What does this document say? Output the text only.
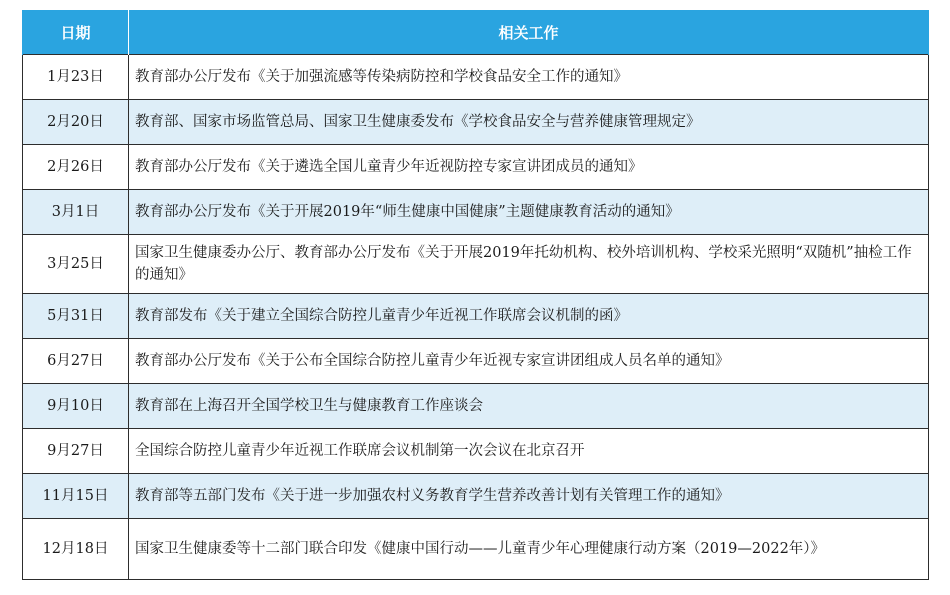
日期	相关工作
1月23日	教育部办公厅发布《关于加强流感等传染病防控和学校食品安全工作的通知》
2月20日	教育部、国家市场监管总局、国家卫生健康委发布《学校食品安全与营养健康管理规定》
2月26日	教育部办公厅发布《关于遴选全国儿童青少年近视防控专家宣讲团成员的通知》
3月1日	教育部办公厅发布《关于开展2019年“师生健康中国健康”主题健康教育活动的通知》
3月25日	国家卫生健康委办公厅、教育部办公厅发布《关于开展2019年托幼机构、校外培训机构、学校采光照明“双随机”抽检工作的通知》
5月31日	教育部发布《关于建立全国综合防控儿童青少年近视工作联席会议机制的函》
6月27日	教育部办公厅发布《关于公布全国综合防控儿童青少年近视专家宣讲团组成人员名单的通知》
9月10日	教育部在上海召开全国学校卫生与健康教育工作座谈会
9月27日	全国综合防控儿童青少年近视工作联席会议机制第一次会议在北京召开
11月15日	教育部等五部门发布《关于进一步加强农村义务教育学生营养改善计划有关管理工作的通知》
12月18日	国家卫生健康委等十二部门联合印发《健康中国行动——儿童青少年心理健康行动方案（2019—2022年）》
